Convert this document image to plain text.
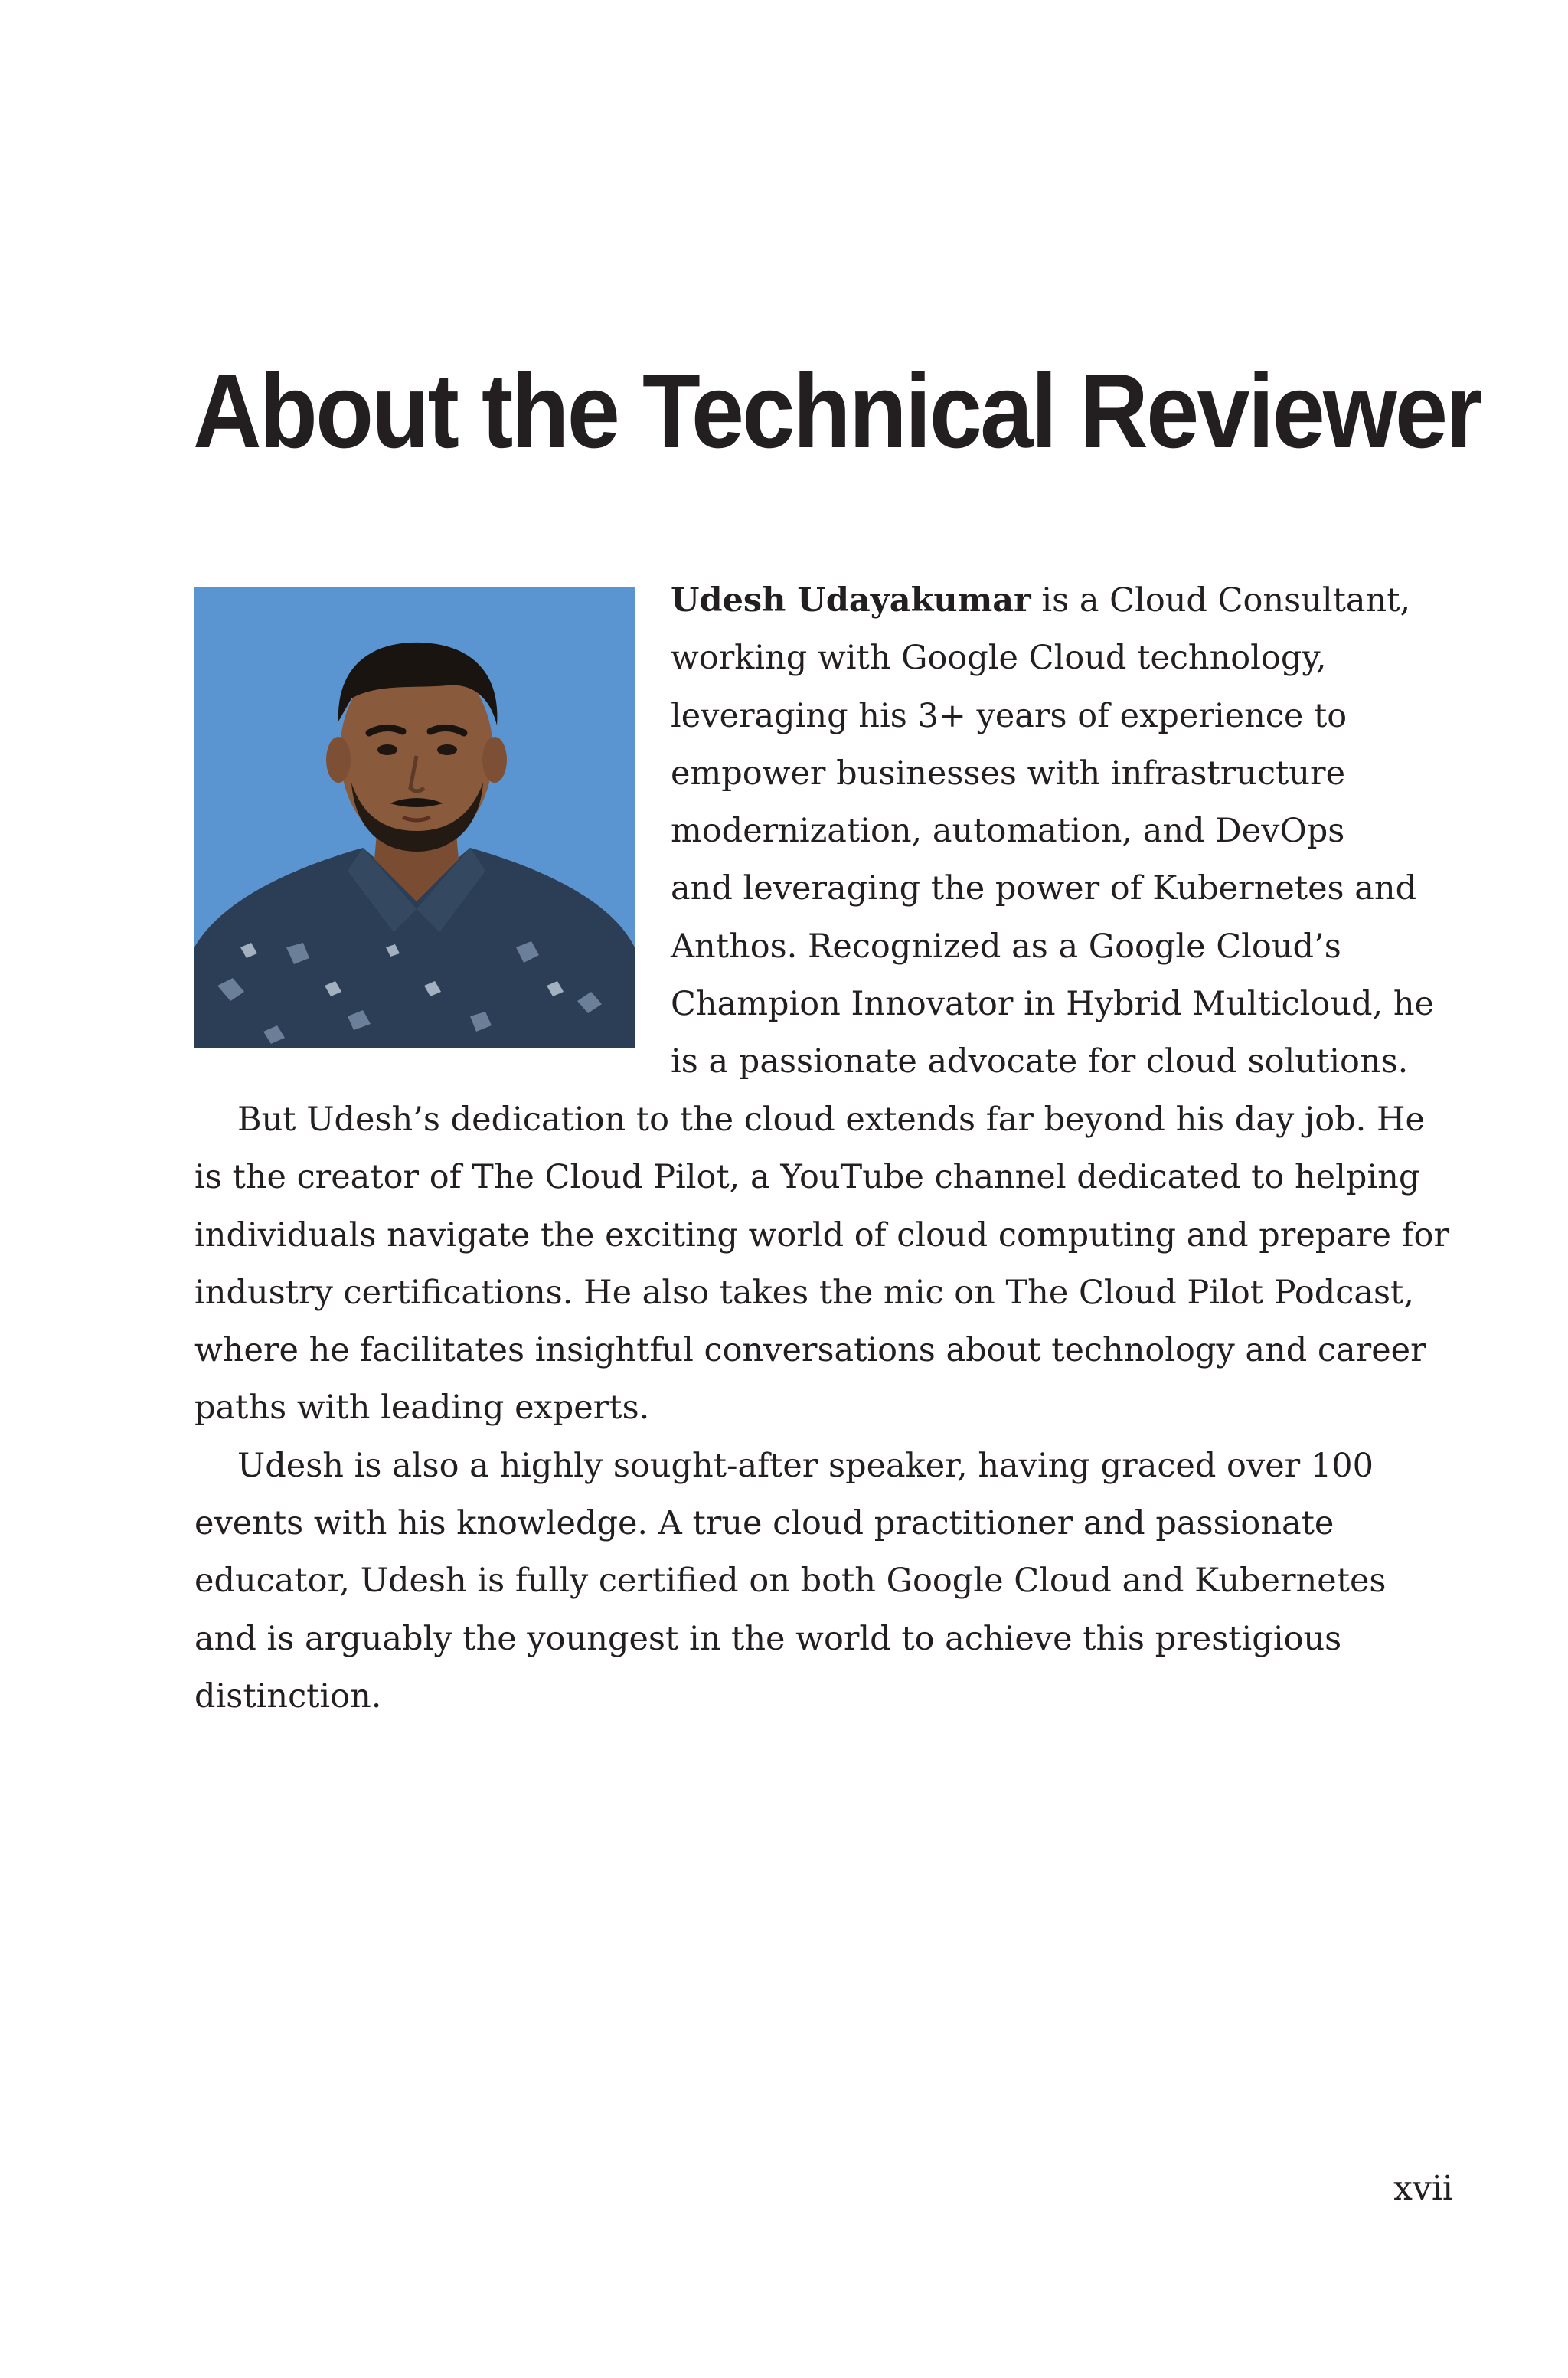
About the Technical Reviewer
Udesh Udayakumar is a Cloud Consultant,
working with Google Cloud technology,
leveraging his 3+ years of experience to
empower businesses with infrastructure
modernization, automation, and DevOps
and leveraging the power of Kubernetes and
Anthos. Recognized as a Google Cloud’s
Champion Innovator in Hybrid Multicloud, he
is a passionate advocate for cloud solutions.
But Udesh’s dedication to the cloud extends far beyond his day job. He
is the creator of The Cloud Pilot, a YouTube channel dedicated to helping
individuals navigate the exciting world of cloud computing and prepare for
industry certifications. He also takes the mic on The Cloud Pilot Podcast,
where he facilitates insightful conversations about technology and career
paths with leading experts.
Udesh is also a highly sought-after speaker, having graced over 100
events with his knowledge. A true cloud practitioner and passionate
educator, Udesh is fully certified on both Google Cloud and Kubernetes
and is arguably the youngest in the world to achieve this prestigious
distinction.
xvii
